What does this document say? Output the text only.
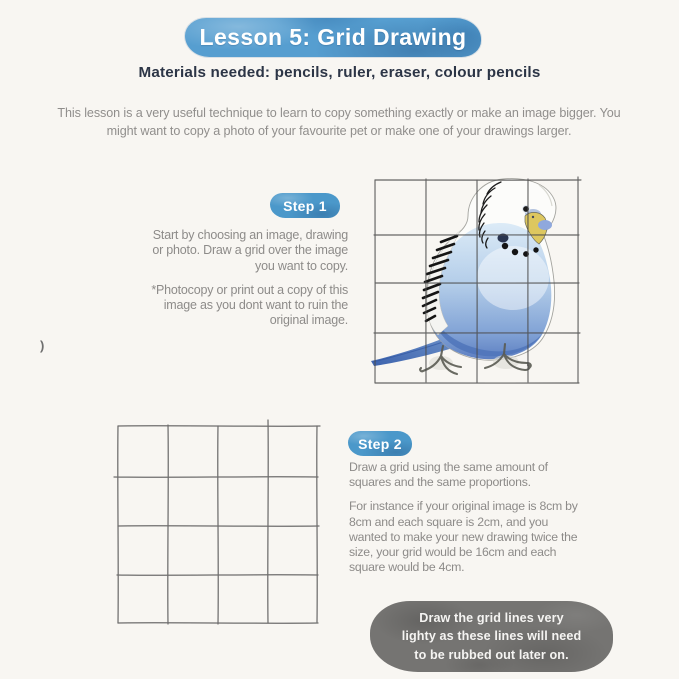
Lesson 5: Grid Drawing
Materials needed: pencils, ruler, eraser, colour pencils
This lesson is a very useful technique to learn to copy something exactly or make an image bigger. You might want to copy a photo of your favourite pet or make one of your drawings larger.
Step 1

Start by choosing an image, drawing or photo. Draw a grid over the image you want to copy.

*Photocopy or print out a copy of this image as you dont want to ruin the original image.

Step 2

Draw a grid using the same amount of squares and the same proportions.

For instance if your original image is 8cm by 8cm and each square is 2cm, and you wanted to make your new drawing twice the size, your grid would be 16cm and each square would be 4cm.

Draw the grid lines very
lighty as these lines will need
to be rubbed out later on.
)
